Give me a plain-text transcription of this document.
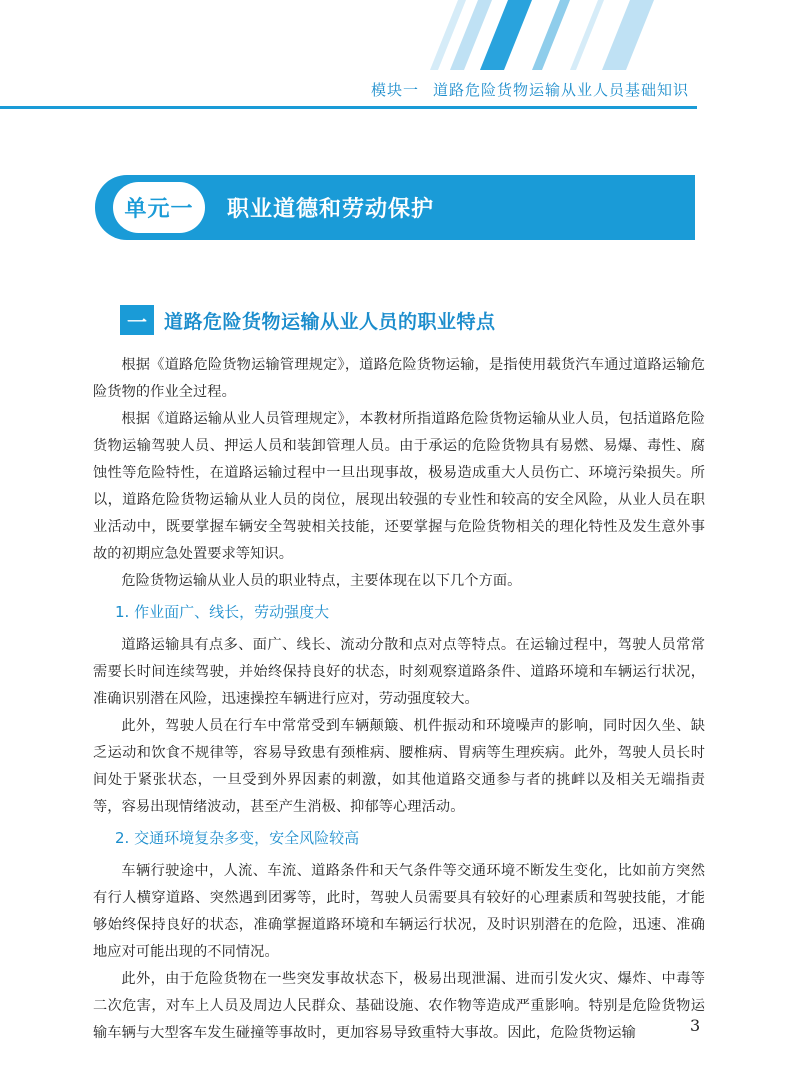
模块一 道路危险货物运输从业人员基础知识
单元一 职业道德和劳动保护
一 道路危险货物运输从业人员的职业特点

根据《道路危险货物运输管理规定》，道路危险货物运输，是指使用载货汽车通过道路运输危险货物的作业全过程。

根据《道路运输从业人员管理规定》，本教材所指道路危险货物运输从业人员，包括道路危险货物运输驾驶人员、押运人员和装卸管理人员。由于承运的危险货物具有易燃、易爆、毒性、腐蚀性等危险特性，在道路运输过程中一旦出现事故，极易造成重大人员伤亡、环境污染损失。所以，道路危险货物运输从业人员的岗位，展现出较强的专业性和较高的安全风险，从业人员在职业活动中，既要掌握车辆安全驾驶相关技能，还要掌握与危险货物相关的理化特性及发生意外事故的初期应急处置要求等知识。

危险货物运输从业人员的职业特点，主要体现在以下几个方面。

1. 作业面广、线长，劳动强度大

道路运输具有点多、面广、线长、流动分散和点对点等特点。在运输过程中，驾驶人员常常需要长时间连续驾驶，并始终保持良好的状态，时刻观察道路条件、道路环境和车辆运行状况，准确识别潜在风险，迅速操控车辆进行应对，劳动强度较大。

此外，驾驶人员在行车中常常受到车辆颠簸、机件振动和环境噪声的影响，同时因久坐、缺乏运动和饮食不规律等，容易导致患有颈椎病、腰椎病、胃病等生理疾病。此外，驾驶人员长时间处于紧张状态，一旦受到外界因素的刺激，如其他道路交通参与者的挑衅以及相关无端指责等，容易出现情绪波动，甚至产生消极、抑郁等心理活动。

2. 交通环境复杂多变，安全风险较高

车辆行驶途中，人流、车流、道路条件和天气条件等交通环境不断发生变化，比如前方突然有行人横穿道路、突然遇到团雾等，此时，驾驶人员需要具有较好的心理素质和驾驶技能，才能够始终保持良好的状态，准确掌握道路环境和车辆运行状况，及时识别潜在的危险，迅速、准确地应对可能出现的不同情况。

此外，由于危险货物在一些突发事故状态下，极易出现泄漏、进而引发火灾、爆炸、中毒等二次危害，对车上人员及周边人民群众、基础设施、农作物等造成严重影响。特别是危险货物运输车辆与大型客车发生碰撞等事故时，更加容易导致重特大事故。因此，危险货物运输	3
